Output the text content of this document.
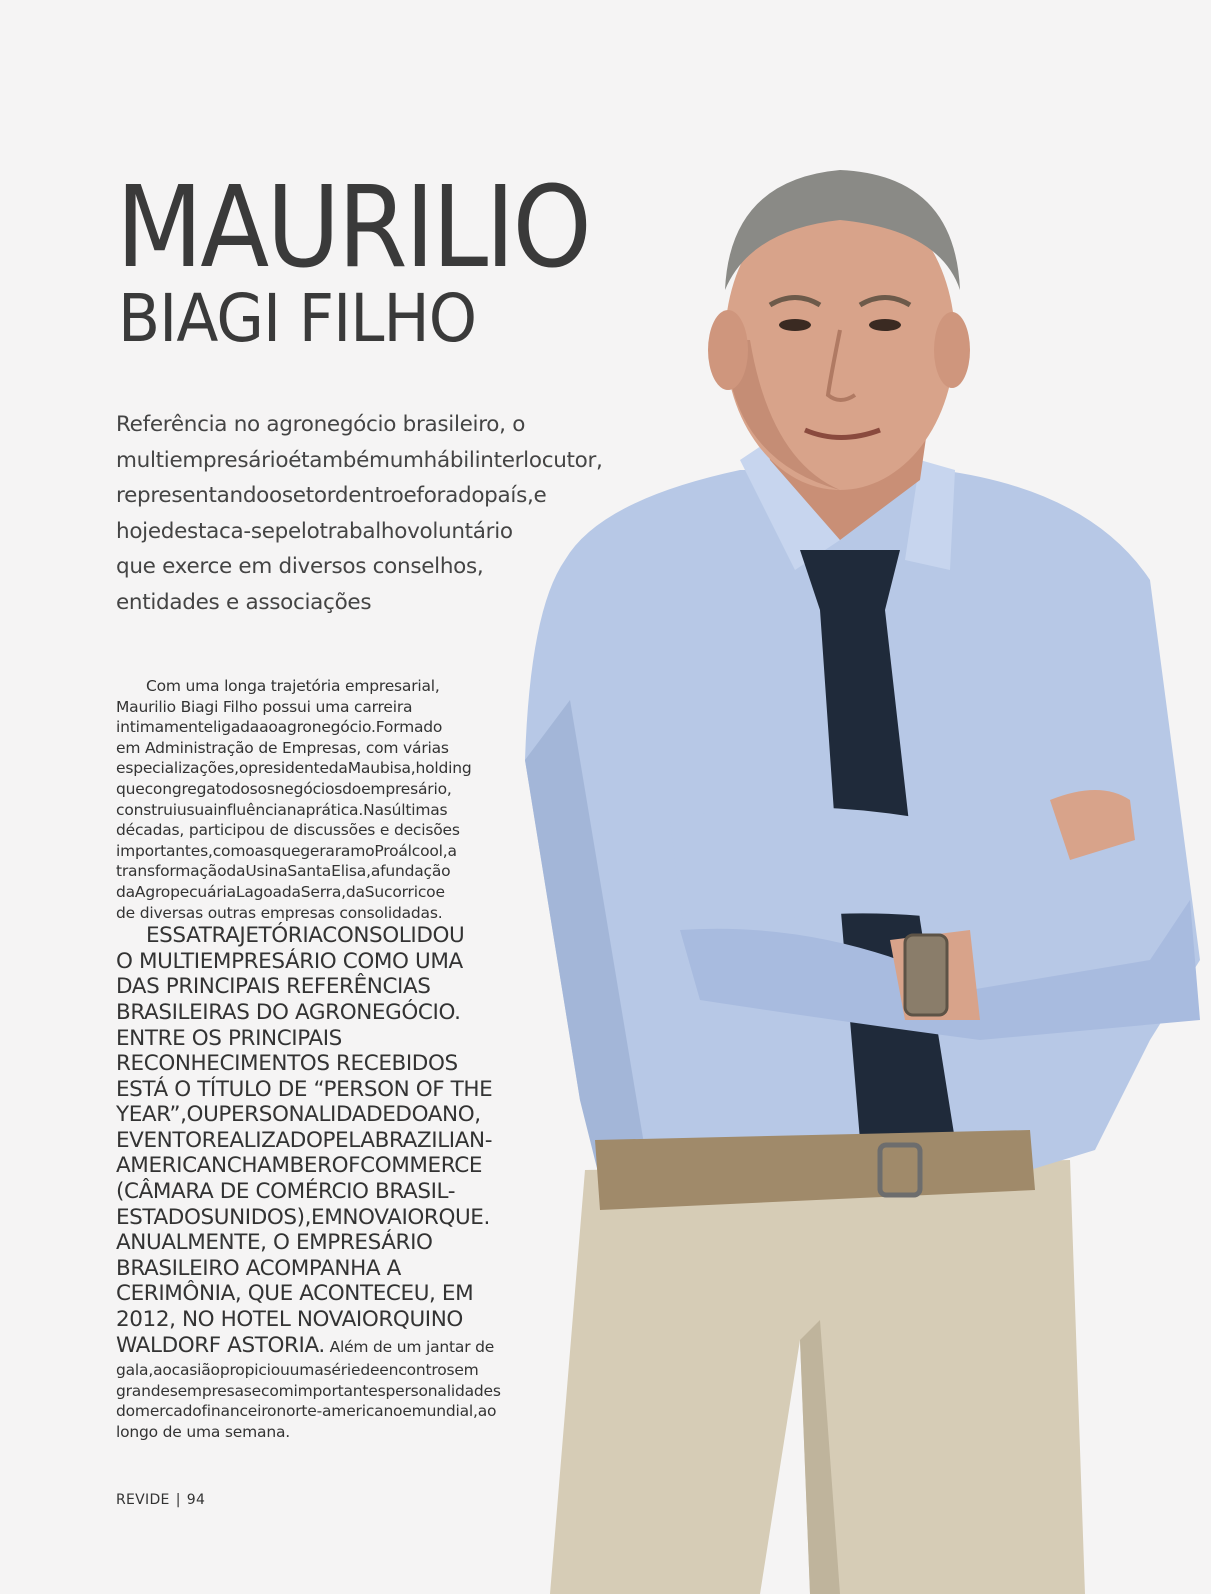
MAURILIO
BIAGI FILHO
Referência no agronegócio brasileiro, o
multiempresárioétambémumhábilinterlocutor,
representandoosetordentroeforadopaís,e
hojedestaca-sepelotrabalhovoluntário
que exerce em diversos conselhos,
entidades e associações
Com uma longa trajetória empresarial,
Maurilio Biagi Filho possui uma carreira
intimamenteligadaaoagronegócio.Formado
em Administração de Empresas, com várias
especializações,opresidentedaMaubisa,holding
quecongregatodososnegóciosdoempresário,
construiusuainfluêncianaprática.Nasúltimas
décadas, participou de discussões e decisões
importantes,comoasquegeraramoProálcool,a
transformaçãodaUsinaSantaElisa,afundação
daAgropecuáriaLagoadaSerra,daSucorricoe
de diversas outras empresas consolidadas.
ESSATRAJETÓRIACONSOLIDOU
O MULTIEMPRESÁRIO COMO UMA
DAS PRINCIPAIS REFERÊNCIAS
BRASILEIRAS DO AGRONEGÓCIO.
ENTRE OS PRINCIPAIS
RECONHECIMENTOS RECEBIDOS
ESTÁ O TÍTULO DE “PERSON OF THE
YEAR”,OUPERSONALIDADEDOANO,
EVENTOREALIZADOPELABRAZILIAN-
AMERICANCHAMBEROFCOMMERCE
(CÂMARA DE COMÉRCIO BRASIL-
ESTADOSUNIDOS),EMNOVAIORQUE.
ANUALMENTE, O EMPRESÁRIO
BRASILEIRO ACOMPANHA A
CERIMÔNIA, QUE ACONTECEU, EM
2012, NO HOTEL NOVAIORQUINO
WALDORF ASTORIA. Além de um jantar de
gala,aocasiãopropiciouumasériedeencontrosem
grandesempresasecomimportantespersonalidades
domercadofinanceironorte-americanoemundial,ao
longo de uma semana.
REVIDE | 94
